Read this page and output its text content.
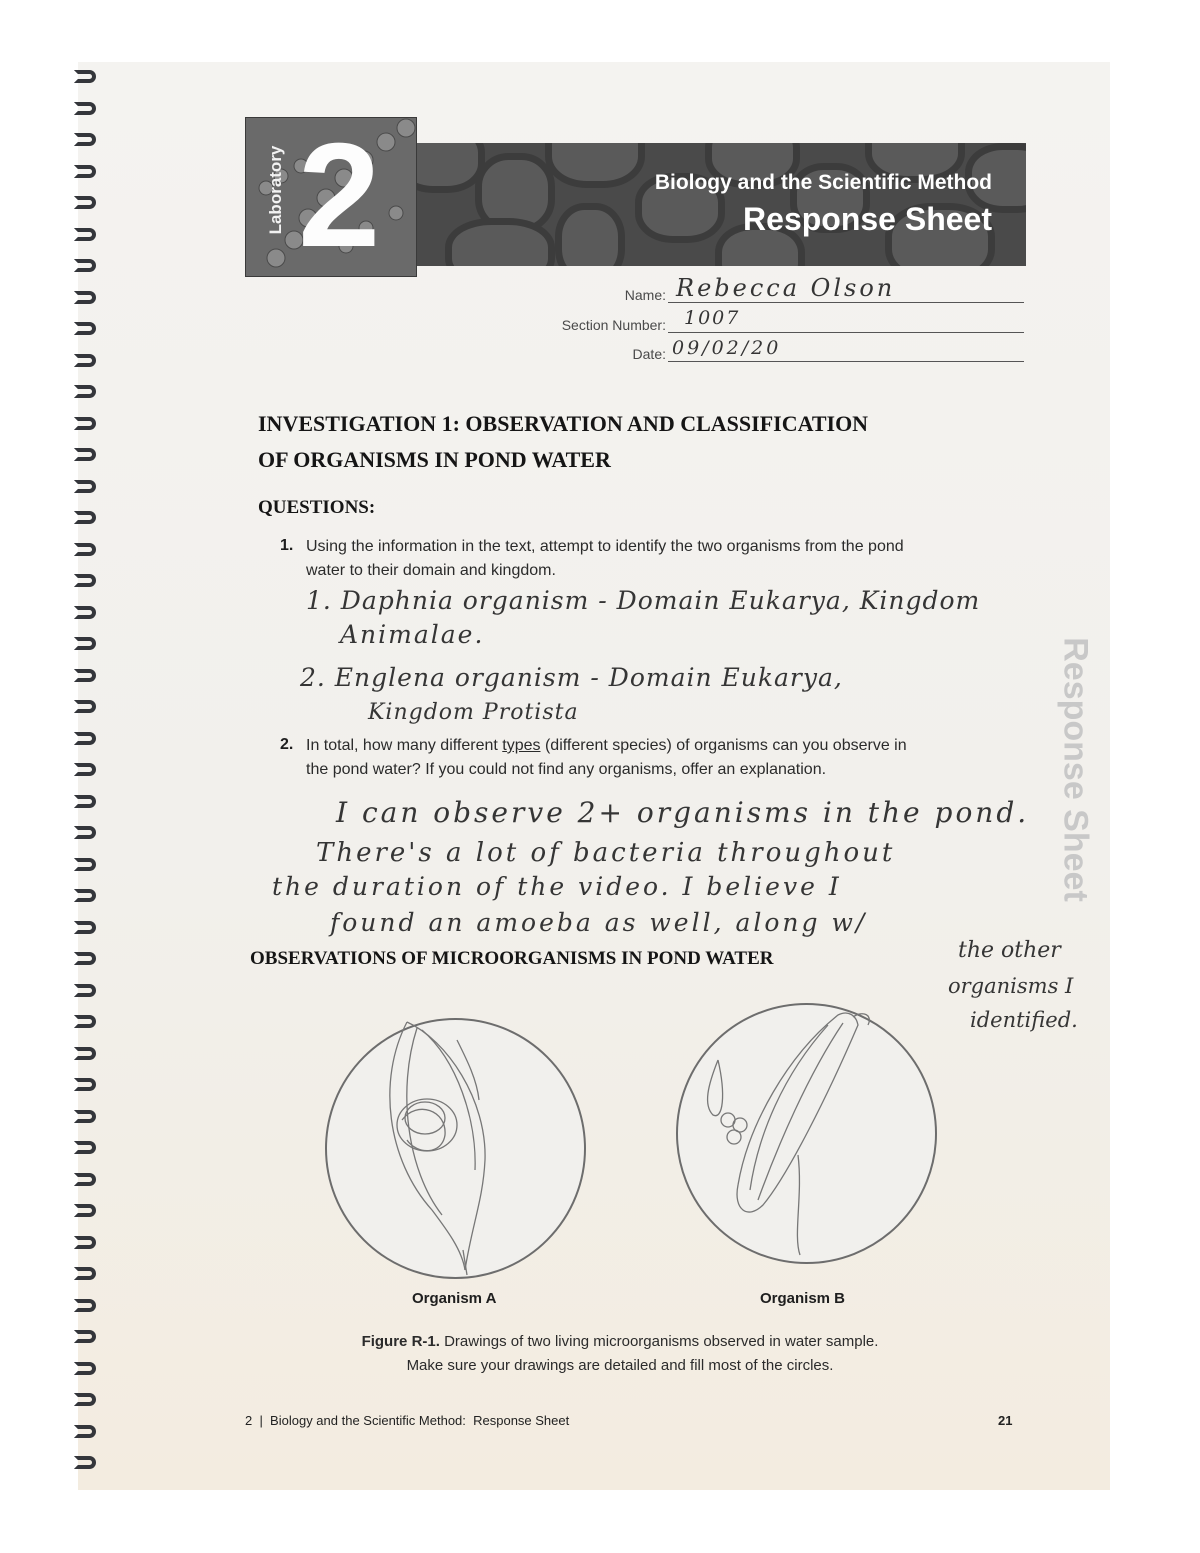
Biology and the Scientific Method
Response Sheet
2
Laboratory
Name: Rebecca Olson
Section Number: 1007
Date: 09/02/20
INVESTIGATION 1: OBSERVATION AND CLASSIFICATION
OF ORGANISMS IN POND WATER
QUESTIONS:
1. Using the information in the text, attempt to identify the two organisms from the pond
water to their domain and kingdom.
1. Daphnia organism - Domain Eukarya, Kingdom
Animalae.
2. Englena organism - Domain Eukarya,
Kingdom Protista
2. In total, how many different types (different species) of organisms can you observe in
the pond water? If you could not find any organisms, offer an explanation.
I can observe 2+ organisms in the pond.
There's a lot of bacteria throughout
the duration of the video. I believe I
found an amoeba as well, along w/
the other
organisms I
identified.
Response Sheet
OBSERVATIONS OF MICROORGANISMS IN POND WATER
Organism A	Organism B
Figure R-1. Drawings of two living microorganisms observed in water sample.
Make sure your drawings are detailed and fill most of the circles.
2  |  Biology and the Scientific Method:  Response Sheet	21
